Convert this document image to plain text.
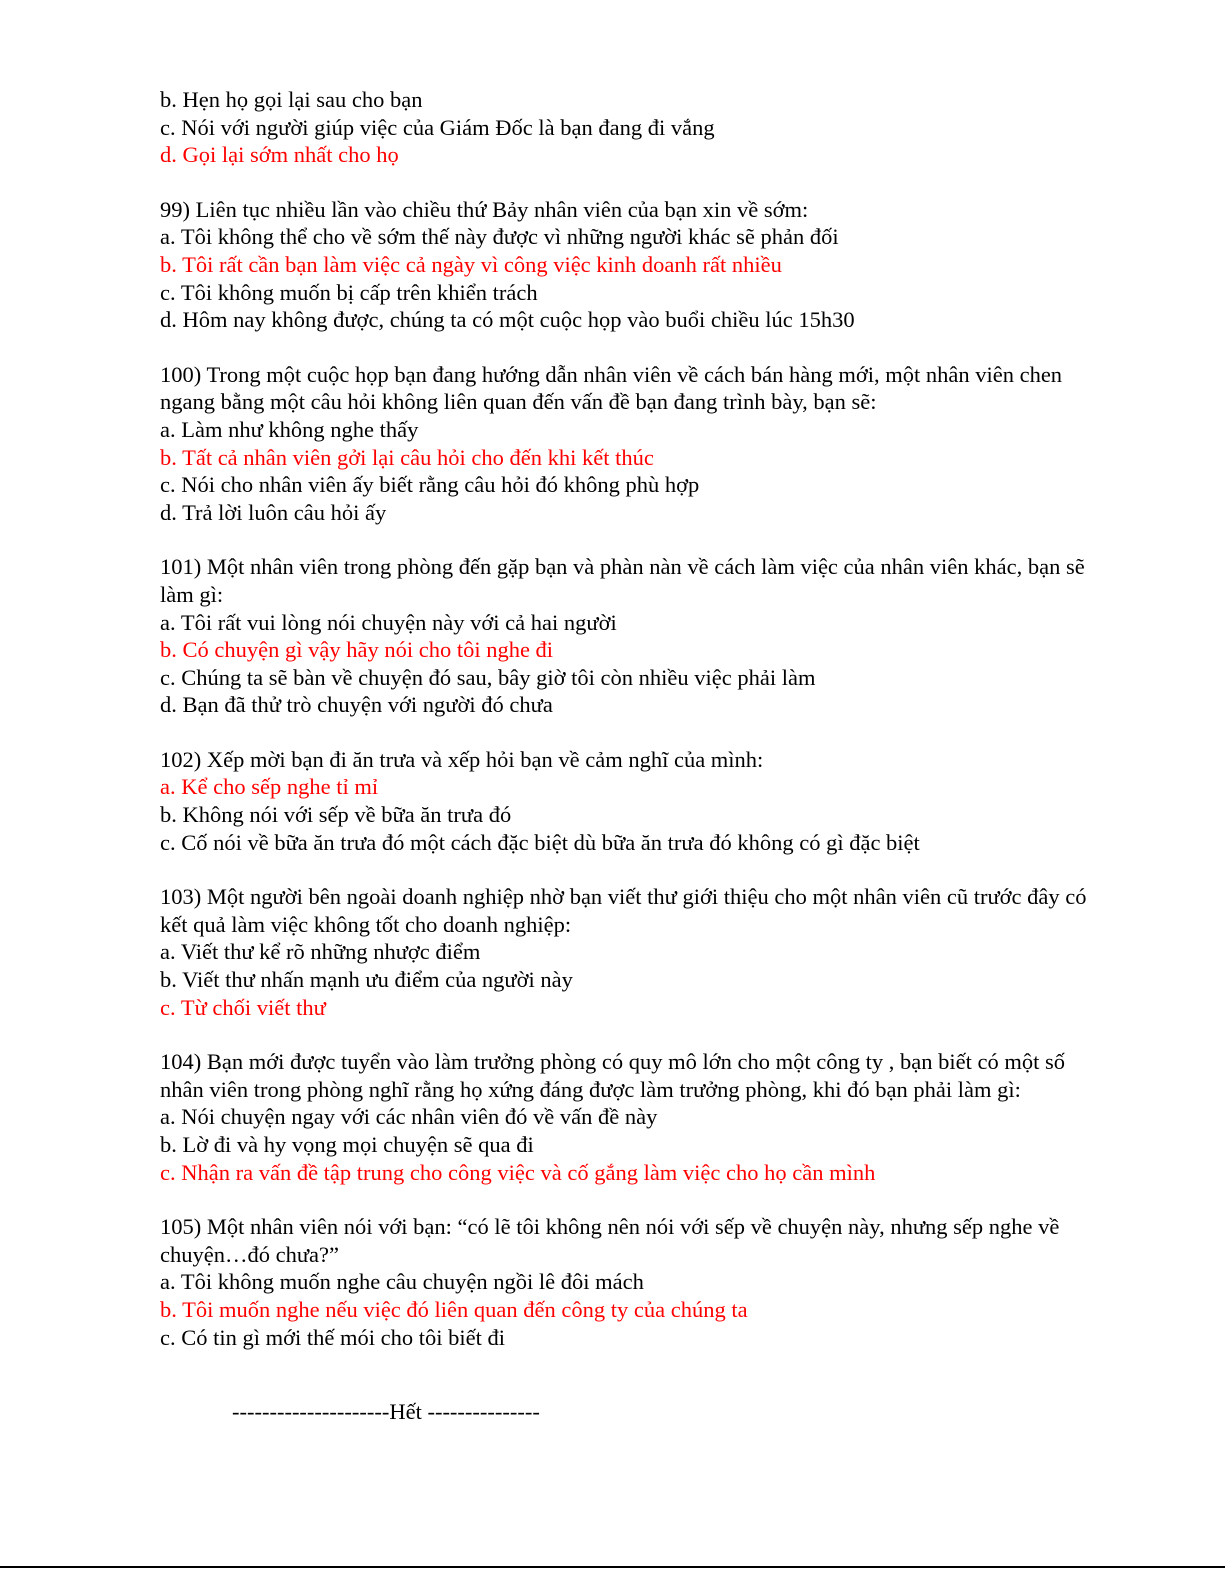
b. Hẹn họ gọi lại sau cho bạn

c. Nói với người giúp việc của Giám Đốc là bạn đang đi vắng

d. Gọi lại sớm nhất cho họ

99) Liên tục nhiều lần vào chiều thứ Bảy nhân viên của bạn xin về sớm:

a. Tôi không thể cho về sớm thế này được vì những người khác sẽ phản đối

b. Tôi rất cần bạn làm việc cả ngày vì công việc kinh doanh rất nhiều

c. Tôi không muốn bị cấp trên khiển trách

d. Hôm nay không được, chúng ta có một cuộc họp vào buổi chiều lúc 15h30

100) Trong một cuộc họp bạn đang hướng dẫn nhân viên về cách bán hàng mới, một nhân viên chen

ngang bằng một câu hỏi không liên quan đến vấn đề bạn đang trình bày, bạn sẽ:

a. Làm như không nghe thấy

b. Tất cả nhân viên gởi lại câu hỏi cho đến khi kết thúc

c. Nói cho nhân viên ấy biết rằng câu hỏi đó không phù hợp

d. Trả lời luôn câu hỏi ấy

101) Một nhân viên trong phòng đến gặp bạn và phàn nàn về cách làm việc của nhân viên khác, bạn sẽ

làm gì:

a. Tôi rất vui lòng nói chuyện này với cả hai người

b. Có chuyện gì vậy hãy nói cho tôi nghe đi

c. Chúng ta sẽ bàn về chuyện đó sau, bây giờ tôi còn nhiều việc phải làm

d. Bạn đã thử trò chuyện với người đó chưa

102) Xếp mời bạn đi ăn trưa và xếp hỏi bạn về cảm nghĩ của mình:

a. Kể cho sếp nghe tỉ mỉ

b. Không nói với sếp về bữa ăn trưa đó

c. Cố nói về bữa ăn trưa đó một cách đặc biệt dù bữa ăn trưa đó không có gì đặc biệt

103) Một người bên ngoài doanh nghiệp nhờ bạn viết thư giới thiệu cho một nhân viên cũ trước đây có

kết quả làm việc không tốt cho doanh nghiệp:

a. Viết thư kể rõ những nhược điểm

b. Viết thư nhấn mạnh ưu điểm của người này

c. Từ chối viết thư

104) Bạn mới được tuyển vào làm trưởng phòng có quy mô lớn cho một công ty , bạn biết có một số

nhân viên trong phòng nghĩ rằng họ xứng đáng được làm trưởng phòng, khi đó bạn phải làm gì:

a. Nói chuyện ngay với các nhân viên đó về vấn đề này

b. Lờ đi và hy vọng mọi chuyện sẽ qua đi

c. Nhận ra vấn đề tập trung cho công việc và cố gắng làm việc cho họ cần mình

105) Một nhân viên nói với bạn: “có lẽ tôi không nên nói với sếp về chuyện này, nhưng sếp nghe về

chuyện…đó chưa?”

a. Tôi không muốn nghe câu chuyện ngồi lê đôi mách

b. Tôi muốn nghe nếu việc đó liên quan đến công ty của chúng ta

c. Có tin gì mới thế mói cho tôi biết đi

---------------------Hết ---------------
